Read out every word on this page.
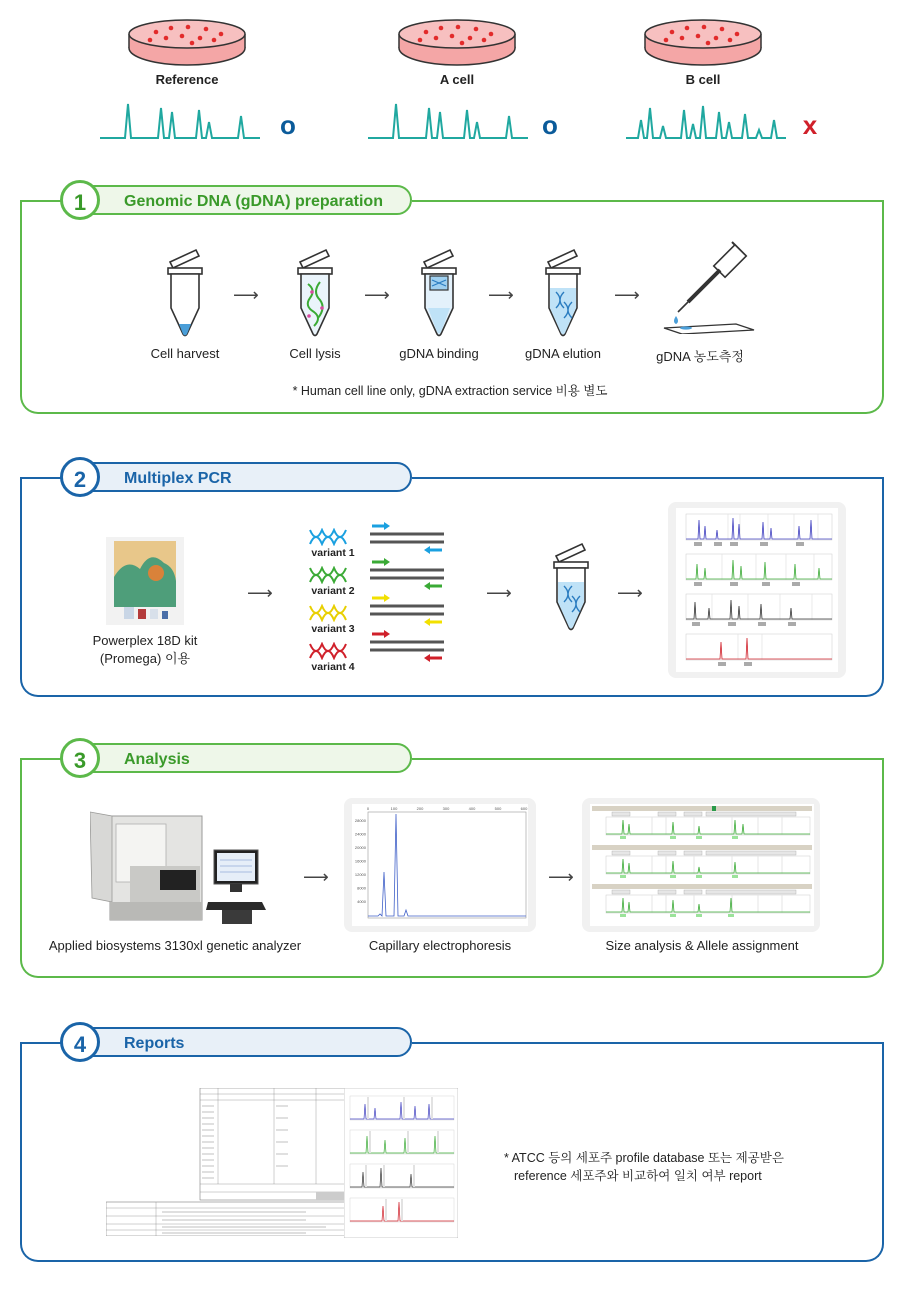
Reference	A cell	B cell
o	o	x
Genomic DNA (gDNA) preparation
1
⟶	⟶	⟶	⟶
Cell harvest	Cell lysis	gDNA binding	gDNA elution	gDNA 농도측정
* Human cell line only, gDNA extraction service 비용 별도
Multiplex PCR
2
Powerplex 18D kit
(Promega) 이용
⟶
variant 1
variant 2
variant 3
variant 4
⟶	⟶
Analysis
3
Applied biosystems 3130xl genetic analyzer
⟶
28000
24000
20000
16000
12000
8000
4000
0	100	200	300	400	500	600
Capillary electrophoresis
⟶
Size analysis & Allele assignment
Reports
4
* ATCC 등의 세포주 profile database 또는 제공받은
reference 세포주와 비교하여 일치 여부 report
